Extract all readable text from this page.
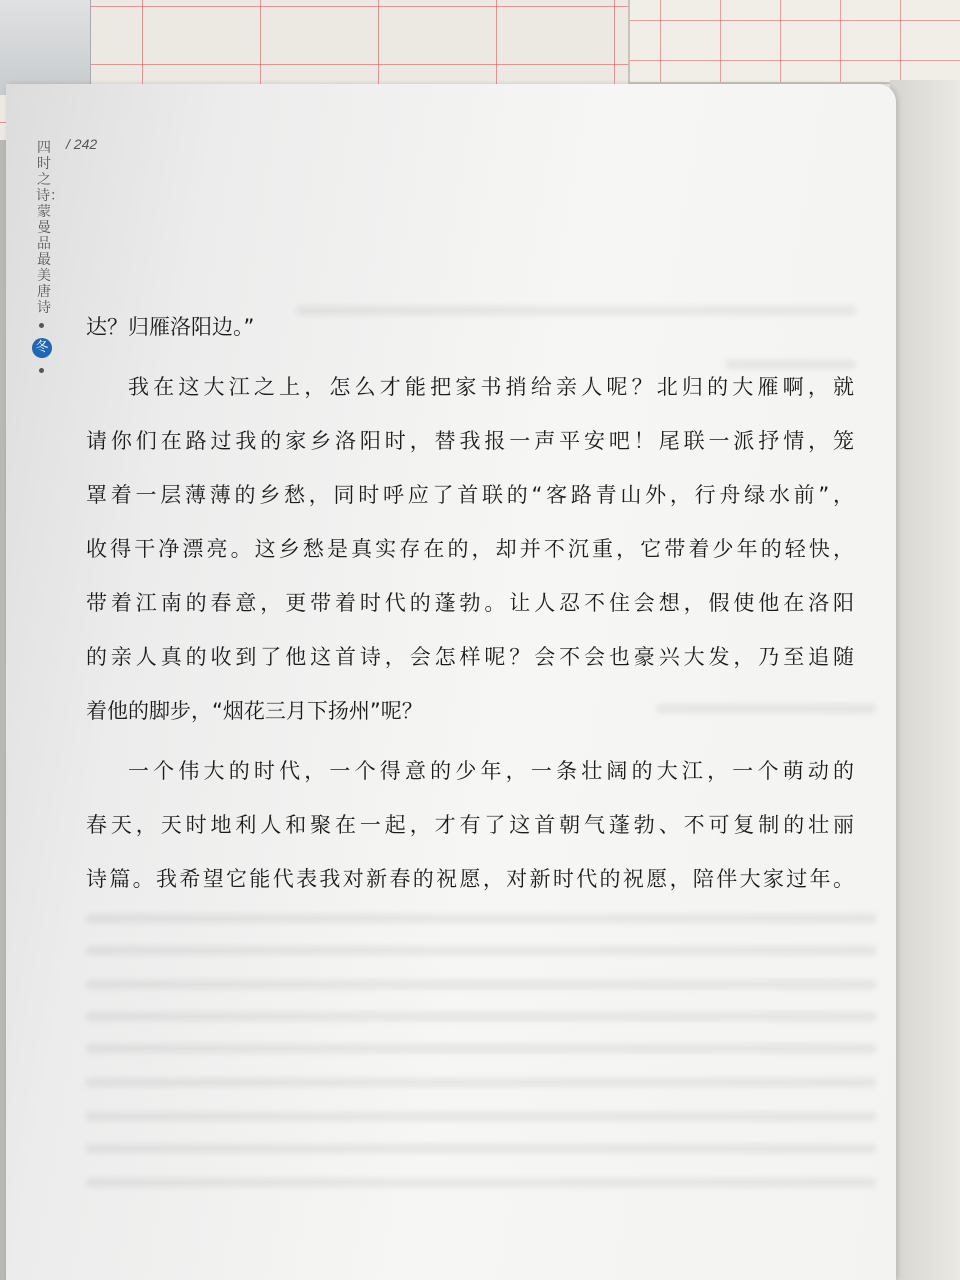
/ 242
四时之诗：蒙曼品最美唐诗
冬
达？归雁洛阳边。”
我在这大江之上，怎么才能把家书捎给亲人呢？北归的大雁啊，就
请你们在路过我的家乡洛阳时，替我报一声平安吧！尾联一派抒情，笼
罩着一层薄薄的乡愁，同时呼应了首联的“客路青山外，行舟绿水前”，
收得干净漂亮。这乡愁是真实存在的，却并不沉重，它带着少年的轻快，
带着江南的春意，更带着时代的蓬勃。让人忍不住会想，假使他在洛阳
的亲人真的收到了他这首诗，会怎样呢？会不会也豪兴大发，乃至追随
着他的脚步，“烟花三月下扬州”呢？
一个伟大的时代，一个得意的少年，一条壮阔的大江，一个萌动的
春天，天时地利人和聚在一起，才有了这首朝气蓬勃、不可复制的壮丽
诗篇。我希望它能代表我对新春的祝愿，对新时代的祝愿，陪伴大家过年。
